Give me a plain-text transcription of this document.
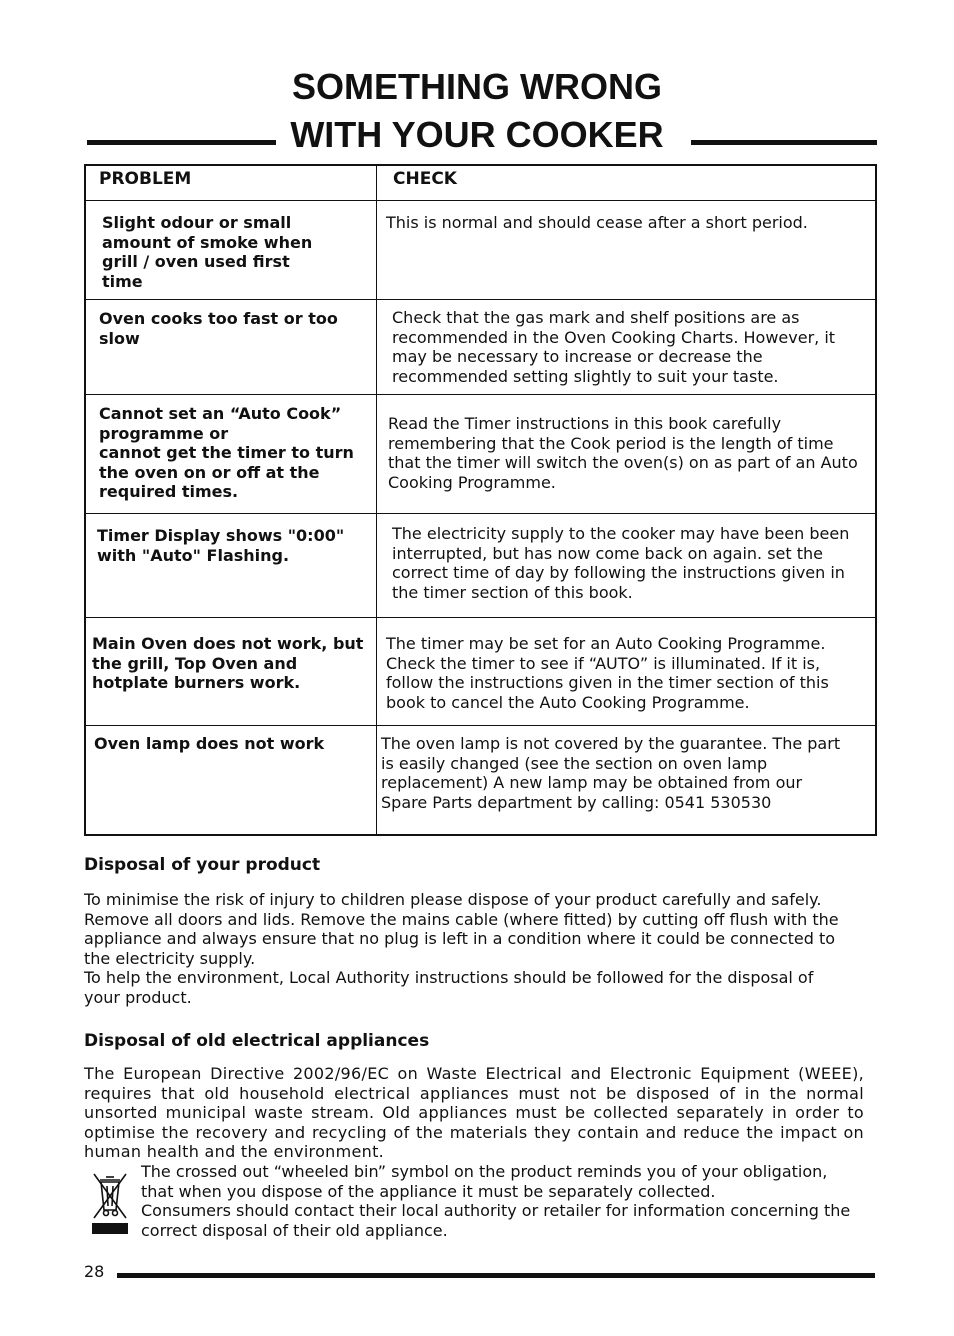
SOMETHING WRONG
WITH YOUR COOKER
PROBLEM	CHECK
Slight odour or small
amount of smoke when
grill / oven used first
time
This is normal and should cease after a short period.
Oven cooks too fast or too
slow
Check that the gas mark and shelf positions are as
recommended in the Oven Cooking Charts. However, it
may be necessary to increase or decrease the
recommended setting slightly to suit your taste.
Cannot set an “Auto Cook”
programme or
cannot get the timer to turn
the oven on or off at the
required times.
Read the Timer instructions in this book carefully
remembering that the Cook period is the length of time
that the timer will switch the oven(s) on as part of an Auto
Cooking Programme.
Timer Display shows "0:00"
with "Auto" Flashing.
The electricity supply to the cooker may have been been
interrupted, but has now come back on again. set the
correct time of day by following the instructions given in
the timer section of this book.
Main Oven does not work, but
the grill, Top Oven and
hotplate burners work.
The timer may be set for an Auto Cooking Programme.
Check the timer to see if “AUTO” is illuminated. If it is,
follow the instructions given in the timer section of this
book to cancel the Auto Cooking Programme.
Oven lamp does not work	The oven lamp is not covered by the guarantee. The part
is easily changed (see the section on oven lamp
replacement) A new lamp may be obtained from our
Spare Parts department by calling: 0541 530530
Disposal of your product
To minimise the risk of injury to children please dispose of your product carefully and safely.
Remove all doors and lids. Remove the mains cable (where fitted) by cutting off flush with the
appliance and always ensure that no plug is left in a condition where it could be connected to
the electricity supply.
To help the environment, Local Authority instructions should be followed for the disposal of
your product.
Disposal of old electrical appliances
The European Directive 2002/96/EC on Waste Electrical and Electronic Equipment (WEEE), requires that old household electrical appliances must not be disposed of in the normal unsorted municipal waste stream. Old appliances must be collected separately in order to optimise the recovery and recycling of the materials they contain and reduce the impact on human health and the environment.
The crossed out “wheeled bin” symbol on the product reminds you of your obligation,
that when you dispose of the appliance it must be separately collected.
Consumers should contact their local authority or retailer for information concerning the
correct disposal of their old appliance.
28
